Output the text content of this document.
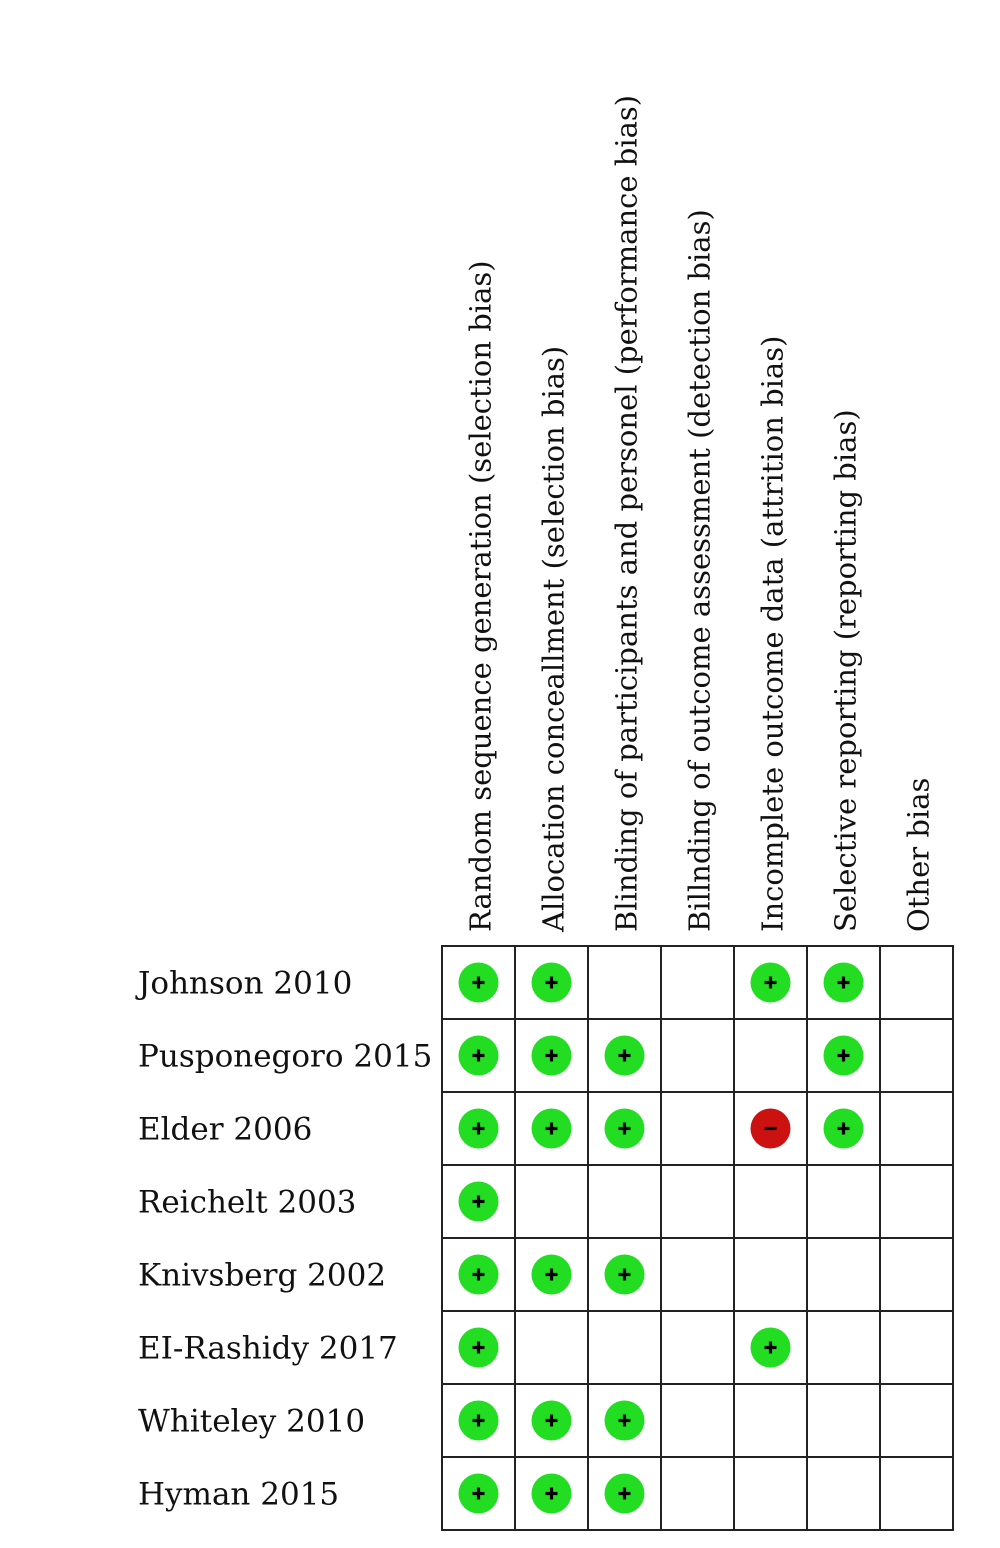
Random sequence generation (selection bias) Allocation conceallment (selection bias) Blinding of participants and personel (performance bias) Billnding of outcome assessment (detection bias) Incomplete outcome data (attrition bias) Selective reporting (reporting bias) Other bias
Johnson 2010
Pusponegoro 2015
Elder 2006
Reichelt 2003
Knivsberg 2002
EI-Rashidy 2017
Whiteley 2010
Hyman 2015
